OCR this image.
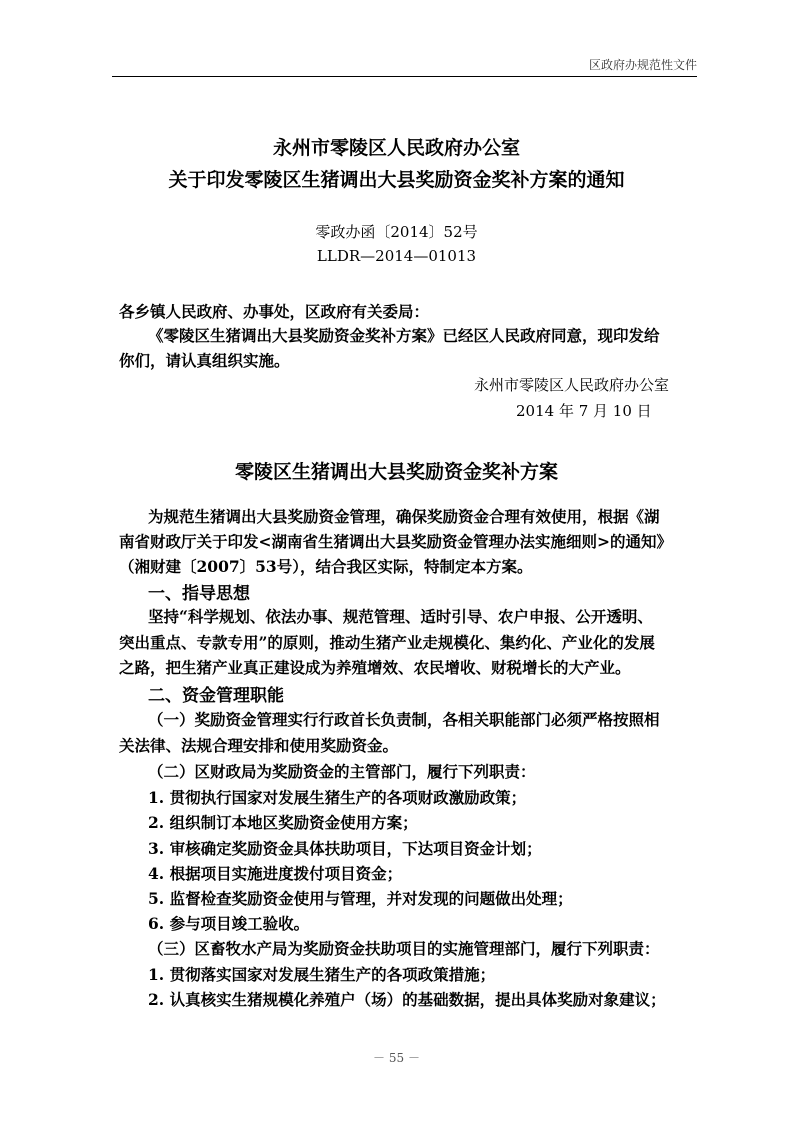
区政府办规范性文件
永州市零陵区人民政府办公室
关于印发零陵区生猪调出大县奖励资金奖补方案的通知
零政办函〔2014〕52号
LLDR—2014—01013
各乡镇人民政府、办事处，区政府有关委局：
《零陵区生猪调出大县奖励资金奖补方案》已经区人民政府同意，现印发给
你们，请认真组织实施。
永州市零陵区人民政府办公室
2014 年 7 月 10 日
零陵区生猪调出大县奖励资金奖补方案
为规范生猪调出大县奖励资金管理，确保奖励资金合理有效使用，根据《湖
南省财政厅关于印发<湖南省生猪调出大县奖励资金管理办法实施细则>的通知》
（湘财建〔2007〕53号），结合我区实际，特制定本方案。
一、指导思想
坚持“科学规划、依法办事、规范管理、适时引导、农户申报、公开透明、
突出重点、专款专用”的原则，推动生猪产业走规模化、集约化、产业化的发展
之路，把生猪产业真正建设成为养殖增效、农民增收、财税增长的大产业。
二、资金管理职能
（一）奖励资金管理实行行政首长负责制，各相关职能部门必须严格按照相
关法律、法规合理安排和使用奖励资金。
（二）区财政局为奖励资金的主管部门，履行下列职责：
1. 贯彻执行国家对发展生猪生产的各项财政激励政策；
2. 组织制订本地区奖励资金使用方案；
3. 审核确定奖励资金具体扶助项目，下达项目资金计划；
4. 根据项目实施进度拨付项目资金；
5. 监督检查奖励资金使用与管理，并对发现的问题做出处理；
6. 参与项目竣工验收。
（三）区畜牧水产局为奖励资金扶助项目的实施管理部门，履行下列职责：
1. 贯彻落实国家对发展生猪生产的各项政策措施；
2. 认真核实生猪规模化养殖户（场）的基础数据，提出具体奖励对象建议；
－ 55 －
